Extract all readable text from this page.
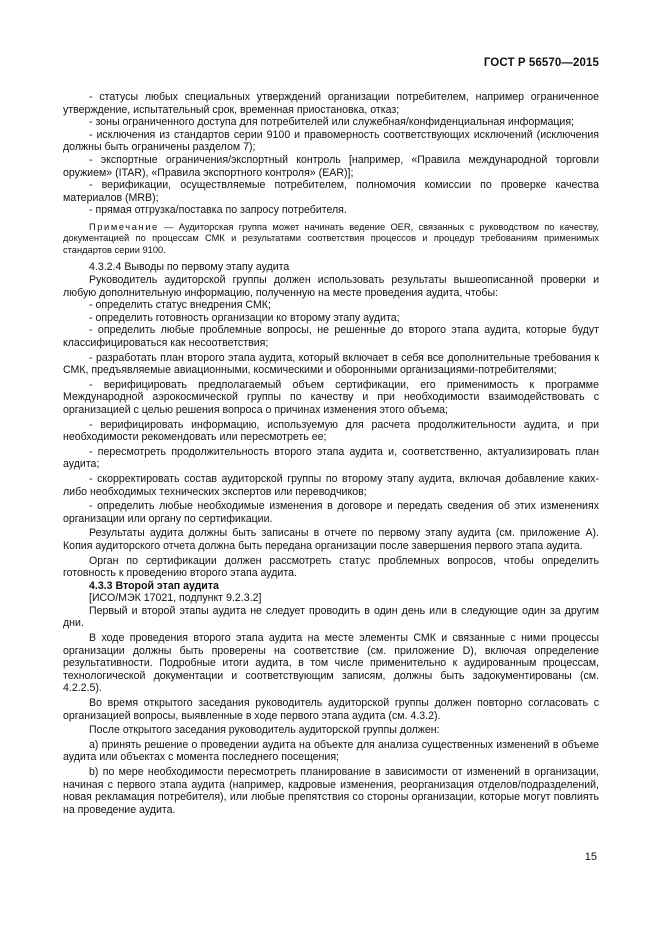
ГОСТ Р 56570—2015

- статусы любых специальных утверждений организации потребителем, например ограниченное утверждение, испытательный срок, временная приостановка, отказ;

- зоны ограниченного доступа для потребителей или служебная/конфиденциальная информация;

- исключения из стандартов серии 9100 и правомерность соответствующих исключений (исключения должны быть ограничены разделом 7);

- экспортные ограничения/экспортный контроль [например, «Правила международной торговли оружием» (ITAR), «Правила экспортного контроля» (EAR)];

- верификации, осуществляемые потребителем, полномочия комиссии по проверке качества материалов (MRB);

- прямая отгрузка/поставка по запросу потребителя.

Примечание — Аудиторская группа может начинать ведение OER, связанных с руководством по качеству, документацией по процессам СМК и результатами соответствия процессов и процедур требованиям применимых стандартов серии 9100.

4.3.2.4 Выводы по первому этапу аудита

Руководитель аудиторской группы должен использовать результаты вышеописанной проверки и любую дополнительную информацию, полученную на месте проведения аудита, чтобы:

- определить статус внедрения СМК;

- определить готовность организации ко второму этапу аудита;

- определить любые проблемные вопросы, не решенные до второго этапа аудита, которые будут классифицироваться как несоответствия;

- разработать план второго этапа аудита, который включает в себя все дополнительные требования к СМК, предъявляемые авиационными, космическими и оборонными организациями-потребителями;

- верифицировать предполагаемый объем сертификации, его применимость к программе Международной аэрокосмической группы по качеству и при необходимости взаимодействовать с организацией с целью решения вопроса о причинах изменения этого объема;

- верифицировать информацию, используемую для расчета продолжительности аудита, и при необходимости рекомендовать или пересмотреть ее;

- пересмотреть продолжительность второго этапа аудита и, соответственно, актуализировать план аудита;

- скорректировать состав аудиторской группы по второму этапу аудита, включая добавление каких-либо необходимых технических экспертов или переводчиков;

- определить любые необходимые изменения в договоре и передать сведения об этих изменениях организации или органу по сертификации.

Результаты аудита должны быть записаны в отчете по первому этапу аудита (см. приложение А). Копия аудиторского отчета должна быть передана организации после завершения первого этапа аудита.

Орган по сертификации должен рассмотреть статус проблемных вопросов, чтобы определить готовность к проведению второго этапа аудита.

4.3.3 Второй этап аудита

[ИСО/МЭК 17021, подпункт 9.2.3.2]

Первый и второй этапы аудита не следует проводить в один день или в следующие один за другим дни.

В ходе проведения второго этапа аудита на месте элементы СМК и связанные с ними процессы организации должны быть проверены на соответствие (см. приложение D), включая определение результативности. Подробные итоги аудита, в том числе применительно к аудированным процессам, технологической документации и соответствующим записям, должны быть задокументированы (см. 4.2.2.5).

Во время открытого заседания руководитель аудиторской группы должен повторно согласовать с организацией вопросы, выявленные в ходе первого этапа аудита (см. 4.3.2).

После открытого заседания руководитель аудиторской группы должен:

a) принять решение о проведении аудита на объекте для анализа существенных изменений в объеме аудита или объектах с момента последнего посещения;

b) по мере необходимости пересмотреть планирование в зависимости от изменений в организации, начиная с первого этапа аудита (например, кадровые изменения, реорганизация отделов/подразделений, новая рекламация потребителя), или любые препятствия со стороны организации, которые могут повлиять на проведение аудита.

15
